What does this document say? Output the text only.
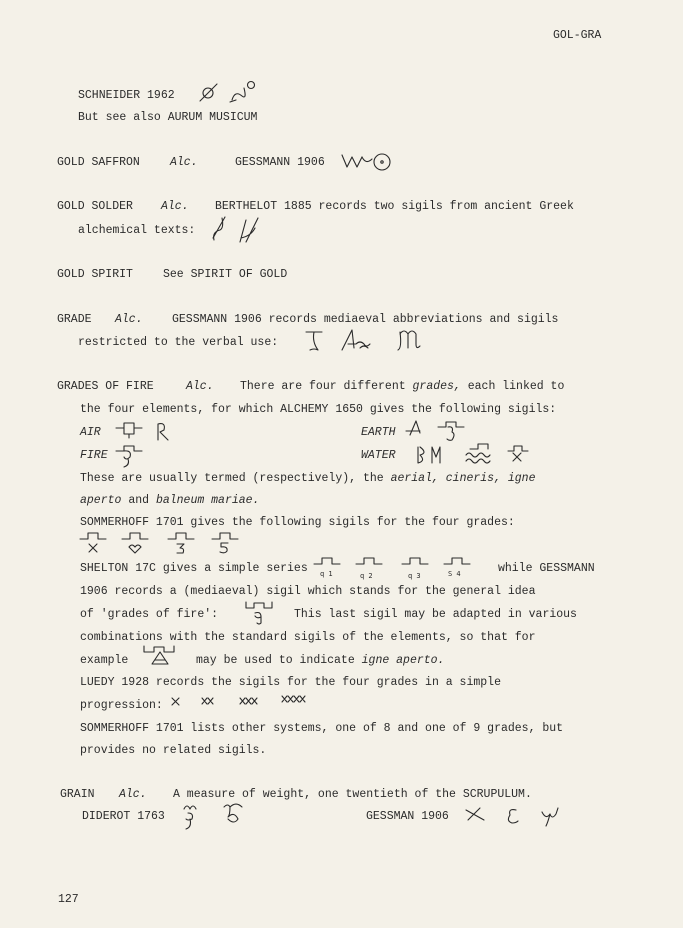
GOL-GRA
SCHNEIDER 1962
But see also AURUM MUSICUM
GOLD SAFFRON	Alc.	GESSMANN 1906
GOLD SOLDER Alc. BERTHELOT 1885 records two sigils from ancient Greek
alchemical texts:
GOLD SPIRIT	See SPIRIT OF GOLD
GRADE Alc.	GESSMANN 1906 records mediaeval abbreviations and sigils
restricted to the verbal use:
GRADES OF FIRE	Alc. There are four different grades, each linked to
the four elements, for which ALCHEMY 1650 gives the following sigils:
AIR	EARTH
FIRE	WATER
These are usually termed (respectively), the aerial, cineris, igne
aperto and balneum mariae.
SOMMERHOFF 1701 gives the following sigils for the four grades:
SHELTON 17C gives a simple series q 1	q 2	q 3	S 4	while GESSMANN
1906 records a (mediaeval) sigil which stands for the general idea
of 'grades of fire':	This last sigil may be adapted in various
combinations with the standard sigils of the elements, so that for
example	may be used to indicate igne aperto.
LUEDY 1928 records the sigils for the four grades in a simple
progression:
SOMMERHOFF 1701 lists other systems, one of 8 and one of 9 grades, but
provides no related sigils.
GRAIN Alc. A measure of weight, one twentieth of the SCRUPULUM.
DIDEROT 1763	GESSMAN 1906
127
